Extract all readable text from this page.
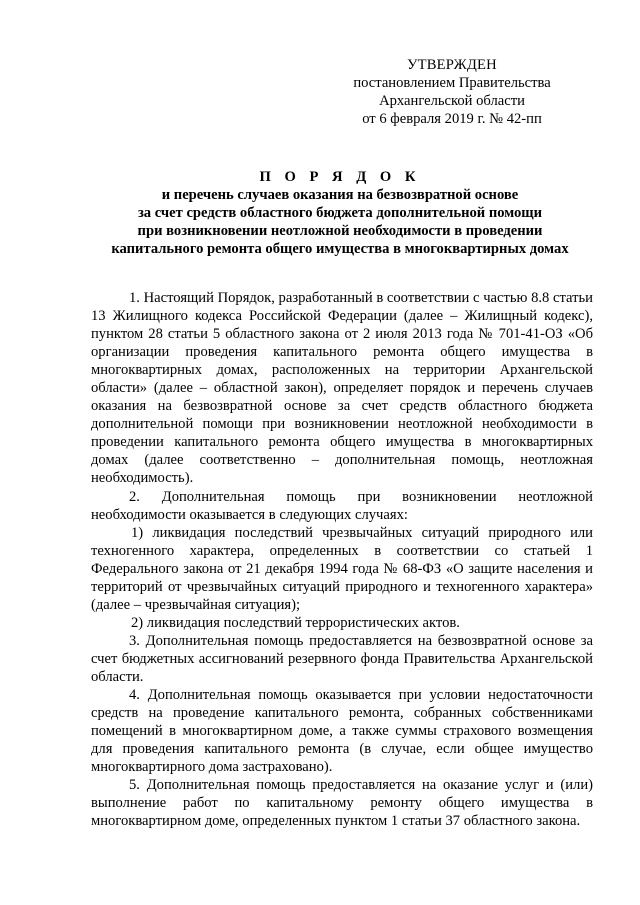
УТВЕРЖДЕН
постановлением Правительства
Архангельской области
от 6 февраля 2019 г. № 42-пп
П О Р Я Д О К
и перечень случаев оказания на безвозвратной основе
за счет средств областного бюджета дополнительной помощи
при возникновении неотложной необходимости в проведении
капитального ремонта общего имущества в многоквартирных домах

1. Настоящий Порядок, разработанный в соответствии с частью 8.8 статьи 13 Жилищного кодекса Российской Федерации (далее – Жилищный кодекс), пунктом 28 статьи 5 областного закона от 2 июля 2013 года № 701-41-ОЗ «Об организации проведения капитального ремонта общего имущества в многоквартирных домах, расположенных на территории Архангельской области» (далее – областной закон), определяет порядок и перечень случаев оказания на безвозвратной основе за счет средств областного бюджета дополнительной помощи при возникновении неотложной необходимости в проведении капитального ремонта общего имущества в многоквартирных домах (далее соответственно – дополнительная помощь, неотложная необходимость).

2. Дополнительная помощь при возникновении неотложной необходимости оказывается в следующих случаях:

1) ликвидация последствий чрезвычайных ситуаций природного или техногенного характера, определенных в соответствии со статьей 1 Федерального закона от 21 декабря 1994 года № 68-ФЗ «О защите населения и территорий от чрезвычайных ситуаций природного и техногенного характера» (далее – чрезвычайная ситуация);

2) ликвидация последствий террористических актов.

3. Дополнительная помощь предоставляется на безвозвратной основе за счет бюджетных ассигнований резервного фонда Правительства Архангельской области.

4. Дополнительная помощь оказывается при условии недостаточности средств на проведение капитального ремонта, собранных собственниками помещений в многоквартирном доме, а также суммы страхового возмещения для проведения капитального ремонта (в случае, если общее имущество многоквартирного дома застраховано).

5. Дополнительная помощь предоставляется на оказание услуг и (или) выполнение работ по капитальному ремонту общего имущества в многоквартирном доме, определенных пунктом 1 статьи 37 областного закона.
